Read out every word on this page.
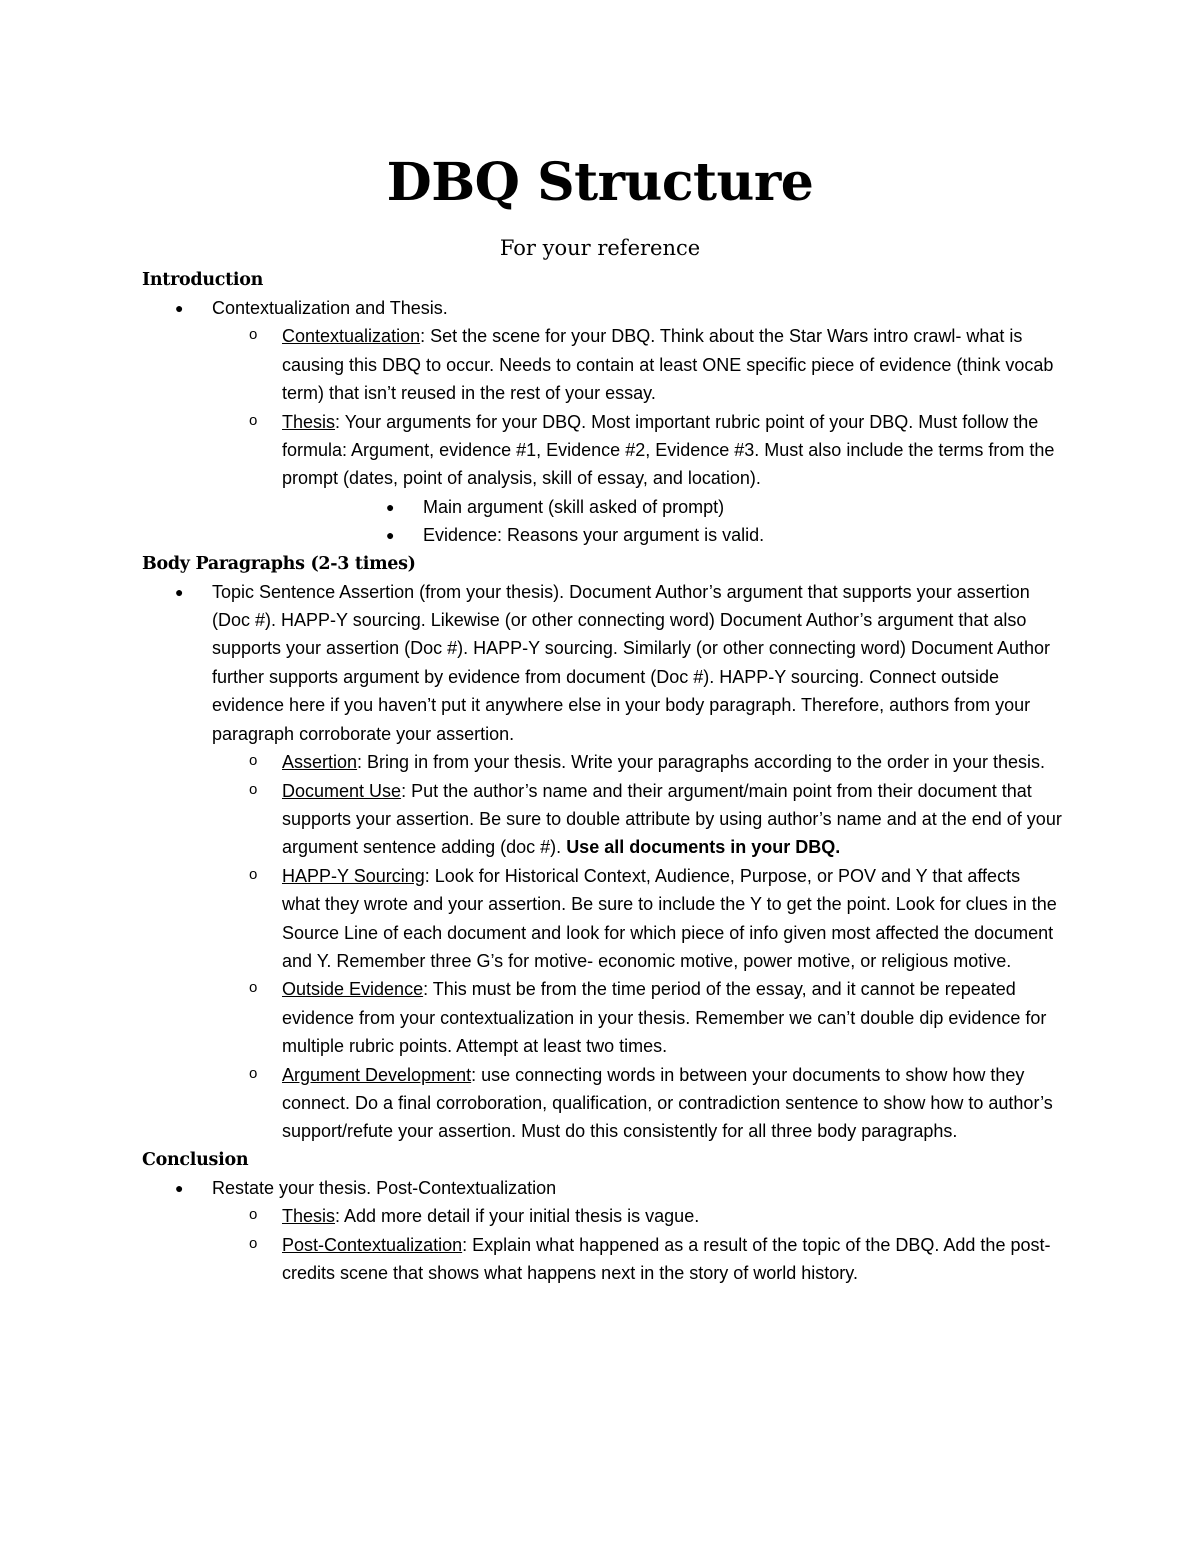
DBQ Structure
For your reference
Introduction
● Contextualization and Thesis.
o Contextualization: Set the scene for your DBQ. Think about the Star Wars intro crawl- what is causing this DBQ to occur. Needs to contain at least ONE specific piece of evidence (think vocab term) that isn’t reused in the rest of your essay.
o Thesis: Your arguments for your DBQ. Most important rubric point of your DBQ. Must follow the formula: Argument, evidence #1, Evidence #2, Evidence #3. Must also include the terms from the prompt (dates, point of analysis, skill of essay, and location).
● Main argument (skill asked of prompt)
● Evidence: Reasons your argument is valid.
Body Paragraphs (2-3 times)
● Topic Sentence Assertion (from your thesis). Document Author’s argument that supports your assertion (Doc #). HAPP-Y sourcing. Likewise (or other connecting word) Document Author’s argument that also supports your assertion (Doc #). HAPP-Y sourcing. Similarly (or other connecting word) Document Author further supports argument by evidence from document (Doc #). HAPP-Y sourcing. Connect outside evidence here if you haven’t put it anywhere else in your body paragraph. Therefore, authors from your paragraph corroborate your assertion.
o Assertion: Bring in from your thesis. Write your paragraphs according to the order in your thesis.
o Document Use: Put the author’s name and their argument/main point from their document that supports your assertion. Be sure to double attribute by using author’s name and at the end of your argument sentence adding (doc #). Use all documents in your DBQ.
o HAPP-Y Sourcing: Look for Historical Context, Audience, Purpose, or POV and Y that affects what they wrote and your assertion. Be sure to include the Y to get the point. Look for clues in the Source Line of each document and look for which piece of info given most affected the document and Y. Remember three G’s for motive- economic motive, power motive, or religious motive.
o Outside Evidence: This must be from the time period of the essay, and it cannot be repeated evidence from your contextualization in your thesis. Remember we can’t double dip evidence for multiple rubric points. Attempt at least two times.
o Argument Development: use connecting words in between your documents to show how they connect. Do a final corroboration, qualification, or contradiction sentence to show how to author’s support/refute your assertion. Must do this consistently for all three body paragraphs.
Conclusion
● Restate your thesis. Post-Contextualization
o Thesis: Add more detail if your initial thesis is vague.
o Post-Contextualization: Explain what happened as a result of the topic of the DBQ. Add the post-credits scene that shows what happens next in the story of world history.
